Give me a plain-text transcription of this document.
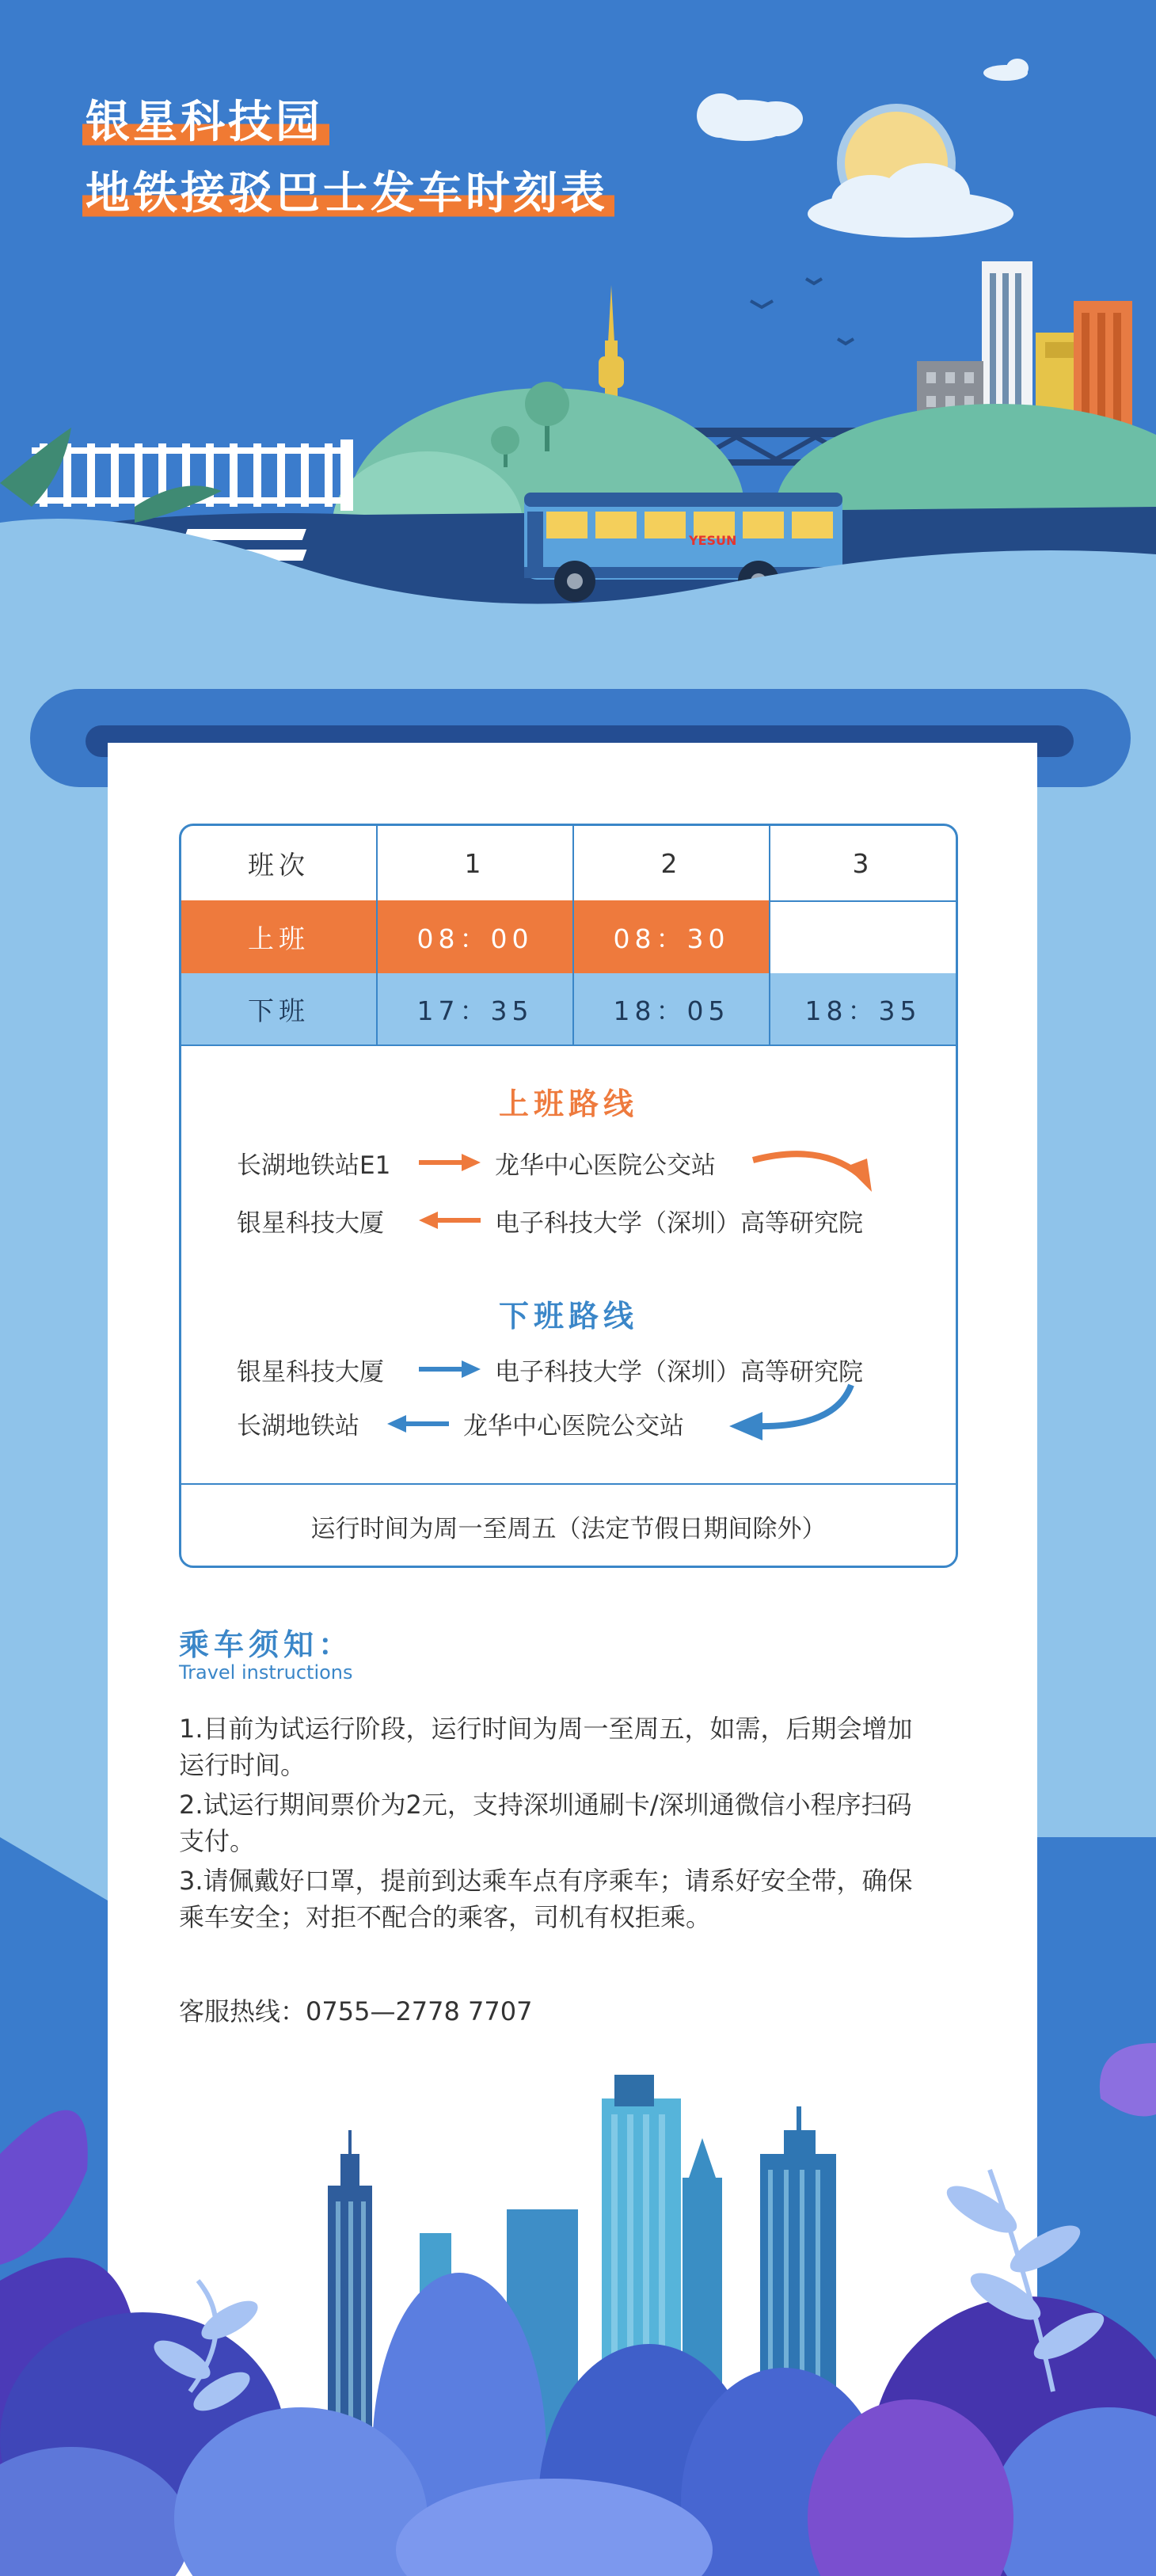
YESUN
银星科技园
地铁接驳巴士发车时刻表
班次	1	2	3
上班	08：00	08：30
下班	17：35	18：05	18：35
上班路线
长湖地铁站E1	龙华中心医院公交站
银星科技大厦	电子科技大学（深圳）高等研究院
下班路线
银星科技大厦	电子科技大学（深圳）高等研究院
长湖地铁站	龙华中心医院公交站
运行时间为周一至周五（法定节假日期间除外）
乘车须知：
Travel instructions
1.目前为试运行阶段，运行时间为周一至周五，如需，后期会增加
运行时间。
2.试运行期间票价为2元，支持深圳通刷卡/深圳通微信小程序扫码
支付。
3.请佩戴好口罩，提前到达乘车点有序乘车；请系好安全带，确保
乘车安全；对拒不配合的乘客，司机有权拒乘。
客服热线：0755—2778 7707
